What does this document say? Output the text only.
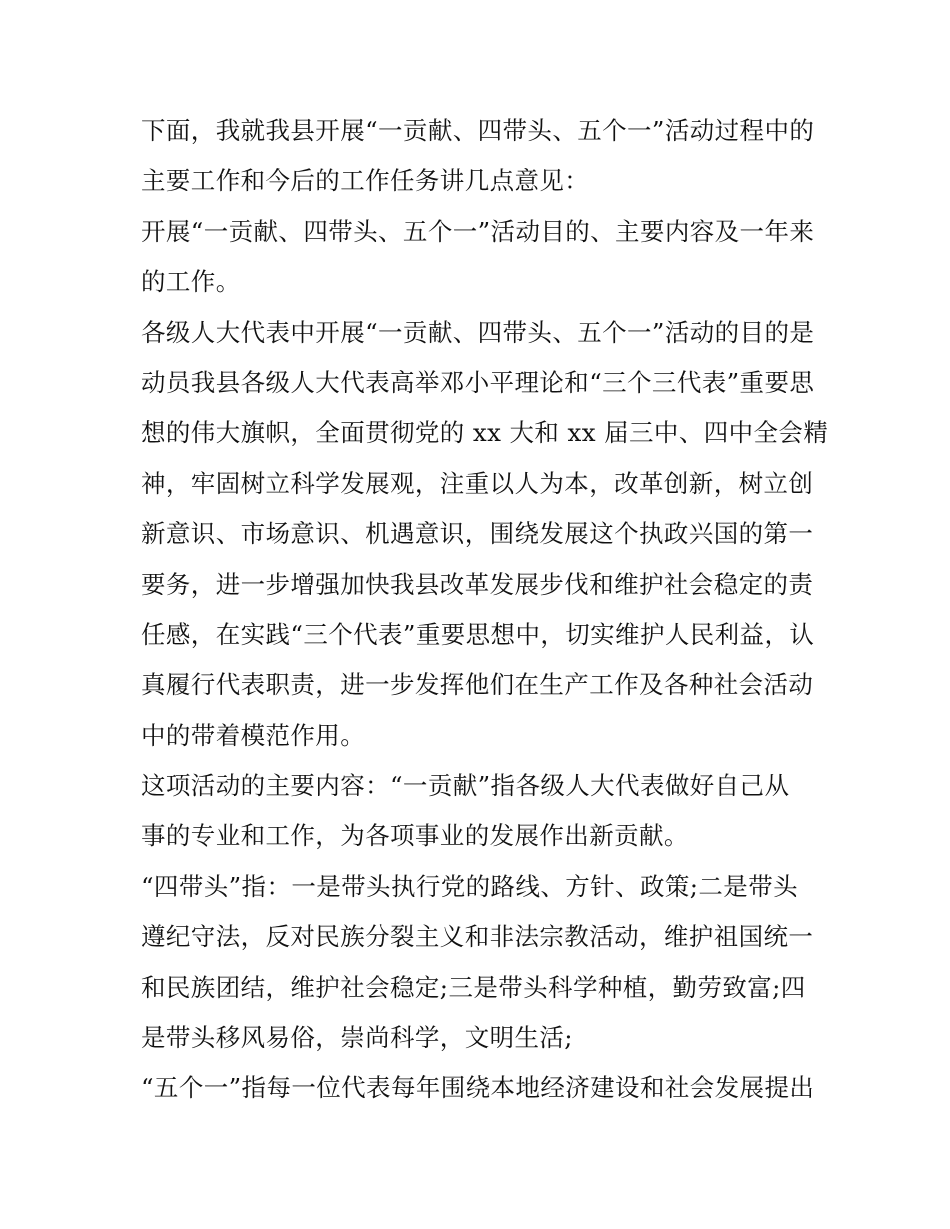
下面，我就我县开展“一贡献、四带头、五个一”活动过程中的
主要工作和今后的工作任务讲几点意见：
开展“一贡献、四带头、五个一”活动目的、主要内容及一年来
的工作。
各级人大代表中开展“一贡献、四带头、五个一”活动的目的是
动员我县各级人大代表高举邓小平理论和“三个三代表”重要思
想的伟大旗帜，全面贯彻党的 xx 大和 xx 届三中、四中全会精
神，牢固树立科学发展观，注重以人为本，改革创新，树立创
新意识、市场意识、机遇意识，围绕发展这个执政兴国的第一
要务，进一步增强加快我县改革发展步伐和维护社会稳定的责
任感，在实践“三个代表”重要思想中，切实维护人民利益，认
真履行代表职责，进一步发挥他们在生产工作及各种社会活动
中的带着模范作用。
这项活动的主要内容：“一贡献”指各级人大代表做好自己从
事的专业和工作，为各项事业的发展作出新贡献。
“四带头”指：一是带头执行党的路线、方针、政策;二是带头
遵纪守法，反对民族分裂主义和非法宗教活动，维护祖国统一
和民族团结，维护社会稳定;三是带头科学种植，勤劳致富;四
是带头移风易俗，崇尚科学，文明生活;
“五个一”指每一位代表每年围绕本地经济建设和社会发展提出
